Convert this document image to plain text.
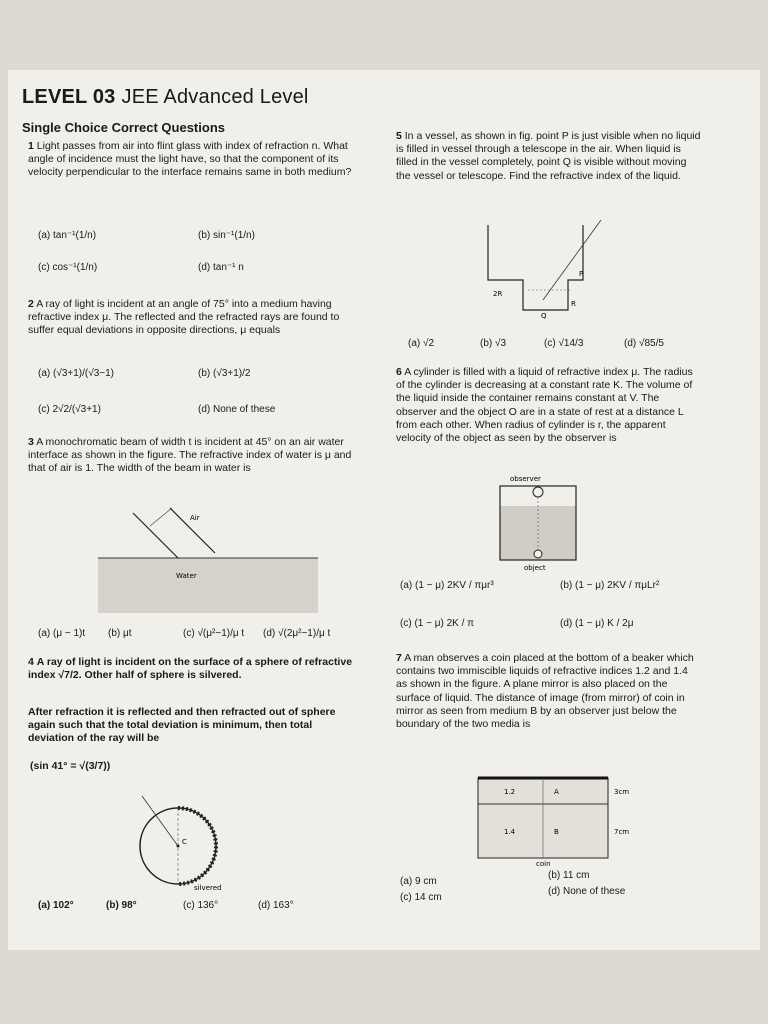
LEVEL 03 JEE Advanced Level
Single Choice Correct Questions
1 Light passes from air into flint glass with index of refraction n. What angle of incidence must the light have, so that the component of its velocity perpendicular to the interface remains same in both medium?
(a) tan⁻¹(1/n)	(b) sin⁻¹(1/n)
(c) cos⁻¹(1/n)	(d) tan⁻¹ n
2 A ray of light is incident at an angle of 75° into a medium having refractive index μ. The reflected and the refracted rays are found to suffer equal deviations in opposite directions, μ equals
(a) (√3+1)/(√3−1)	(b) (√3+1)/2
(c) 2√2/(√3+1)	(d) None of these
3 A monochromatic beam of width t is incident at 45° on an air water interface as shown in the figure. The refractive index of water is μ and that of air is 1. The width of the beam in water is
Air
Water
(a) (μ − 1)t (b) μt	(c) √(μ²−1)/μ t (d) √(2μ²−1)/μ t
4 A ray of light is incident on the surface of a sphere of refractive index √7/2. Other half of sphere is silvered.
After refraction it is reflected and then refracted out of sphere again such that the total deviation is minimum, then total deviation of the ray will be
(sin 41° = √(3/7))
C
silvered
(a) 102°	(b) 98°	(c) 136°	(d) 163°
5 In a vessel, as shown in fig. point P is just visible when no liquid is filled in vessel through a telescope in the air. When liquid is filled in the vessel completely, point Q is visible without moving the vessel or telescope. Find the refractive index of the liquid.
2R
P
Q
R
(a) √2	(b) √3	(c) √14/3	(d) √85/5
6 A cylinder is filled with a liquid of refractive index μ. The radius of the cylinder is decreasing at a constant rate K. The volume of the liquid inside the container remains constant at V. The observer and the object O are in a state of rest at a distance L from each other. When radius of cylinder is r, the apparent velocity of the object as seen by the observer is
observer
object
(a) (1 − μ) 2KV / πμr³	(b) (1 − μ) 2KV / πμLr²
(c) (1 − μ) 2K / π	(d) (1 − μ) K / 2μ
7 A man observes a coin placed at the bottom of a beaker which contains two immiscible liquids of refractive indices 1.2 and 1.4 as shown in the figure. A plane mirror is also placed on the surface of liquid. The distance of image (from mirror) of coin in mirror as seen from medium B by an observer just below the boundary of the two media is
1.2	A
1.4	B
3cm
7cm
coin
(a) 9 cm
(b) 11 cm
(c) 14 cm
(d) None of these
